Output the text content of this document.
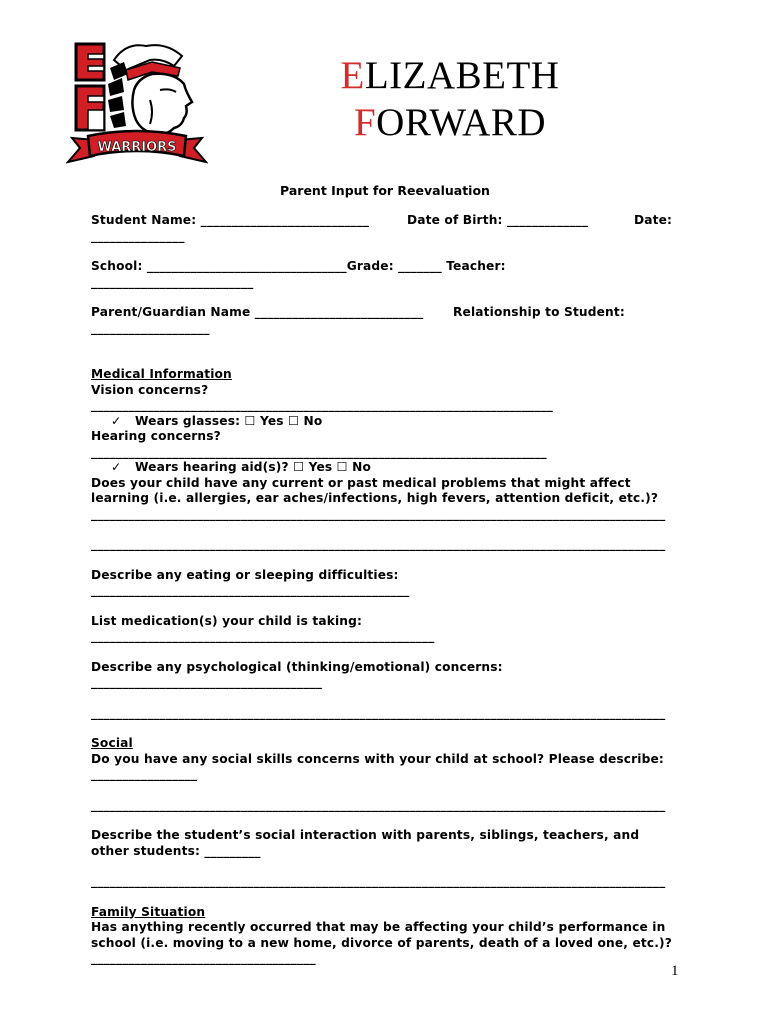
WARRIORS
ELIZABETH
FORWARD
Parent Input for Reevaluation
Student Name: ___________________________	Date of Birth: _____________	Date:
_______________
School: ________________________________Grade: _______ Teacher:
__________________________
Parent/Guardian Name ___________________________ Relationship to Student:
___________________
Medical Information
Vision concerns?
__________________________________________________________________________
✓ Wears glasses: ☐ Yes ☐ No
Hearing concerns?
_________________________________________________________________________
✓ Wears hearing aid(s)? ☐ Yes ☐ No
Does your child have any current or past medical problems that might affect
learning (i.e. allergies, ear aches/infections, high fevers, attention deficit, etc.)?
____________________________________________________________________________________________
____________________________________________________________________________________________
Describe any eating or sleeping difficulties:
___________________________________________________
List medication(s) your child is taking:
_______________________________________________________
Describe any psychological (thinking/emotional) concerns:
_____________________________________
____________________________________________________________________________________________
Social
Do you have any social skills concerns with your child at school? Please describe:
_________________
____________________________________________________________________________________________
Describe the student’s social interaction with parents, siblings, teachers, and
other students: _________
____________________________________________________________________________________________
Family Situation
Has anything recently occurred that may be affecting your child’s performance in
school (i.e. moving to a new home, divorce of parents, death of a loved one, etc.)?
____________________________________
1
